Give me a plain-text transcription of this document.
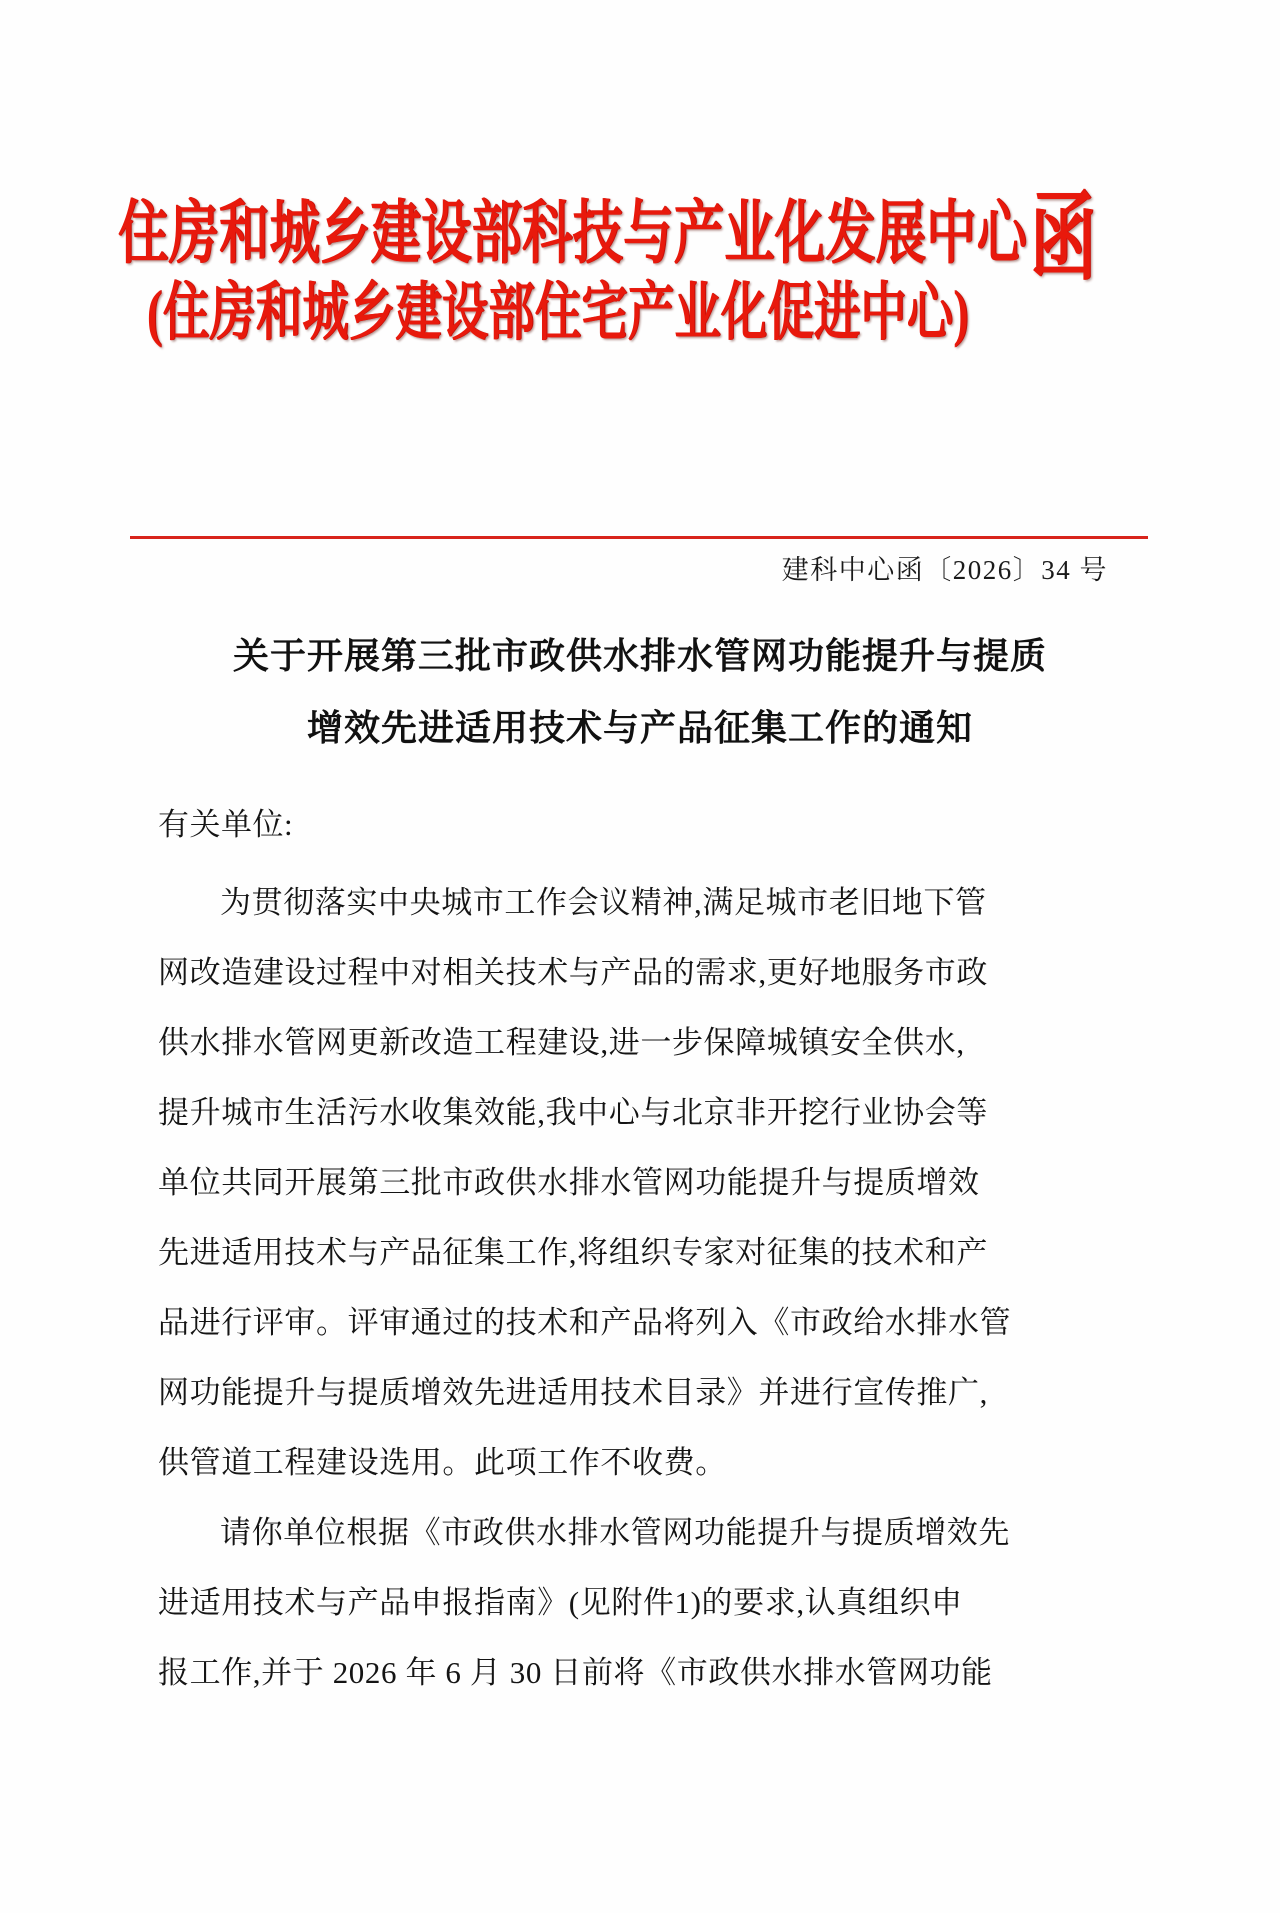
住房和城乡建设部科技与产业化发展中心
(住房和城乡建设部住宅产业化促进中心)
函
建科中心函〔2026〕34 号
关于开展第三批市政供水排水管网功能提升与提质
增效先进适用技术与产品征集工作的通知
有关单位:
为贯彻落实中央城市工作会议精神,满足城市老旧地下管
网改造建设过程中对相关技术与产品的需求,更好地服务市政
供水排水管网更新改造工程建设,进一步保障城镇安全供水,
提升城市生活污水收集效能,我中心与北京非开挖行业协会等
单位共同开展第三批市政供水排水管网功能提升与提质增效
先进适用技术与产品征集工作,将组织专家对征集的技术和产
品进行评审。评审通过的技术和产品将列入《市政给水排水管
网功能提升与提质增效先进适用技术目录》并进行宣传推广,
供管道工程建设选用。此项工作不收费。
请你单位根据《市政供水排水管网功能提升与提质增效先
进适用技术与产品申报指南》(见附件1)的要求,认真组织申
报工作,并于 2026 年 6 月 30 日前将《市政供水排水管网功能
